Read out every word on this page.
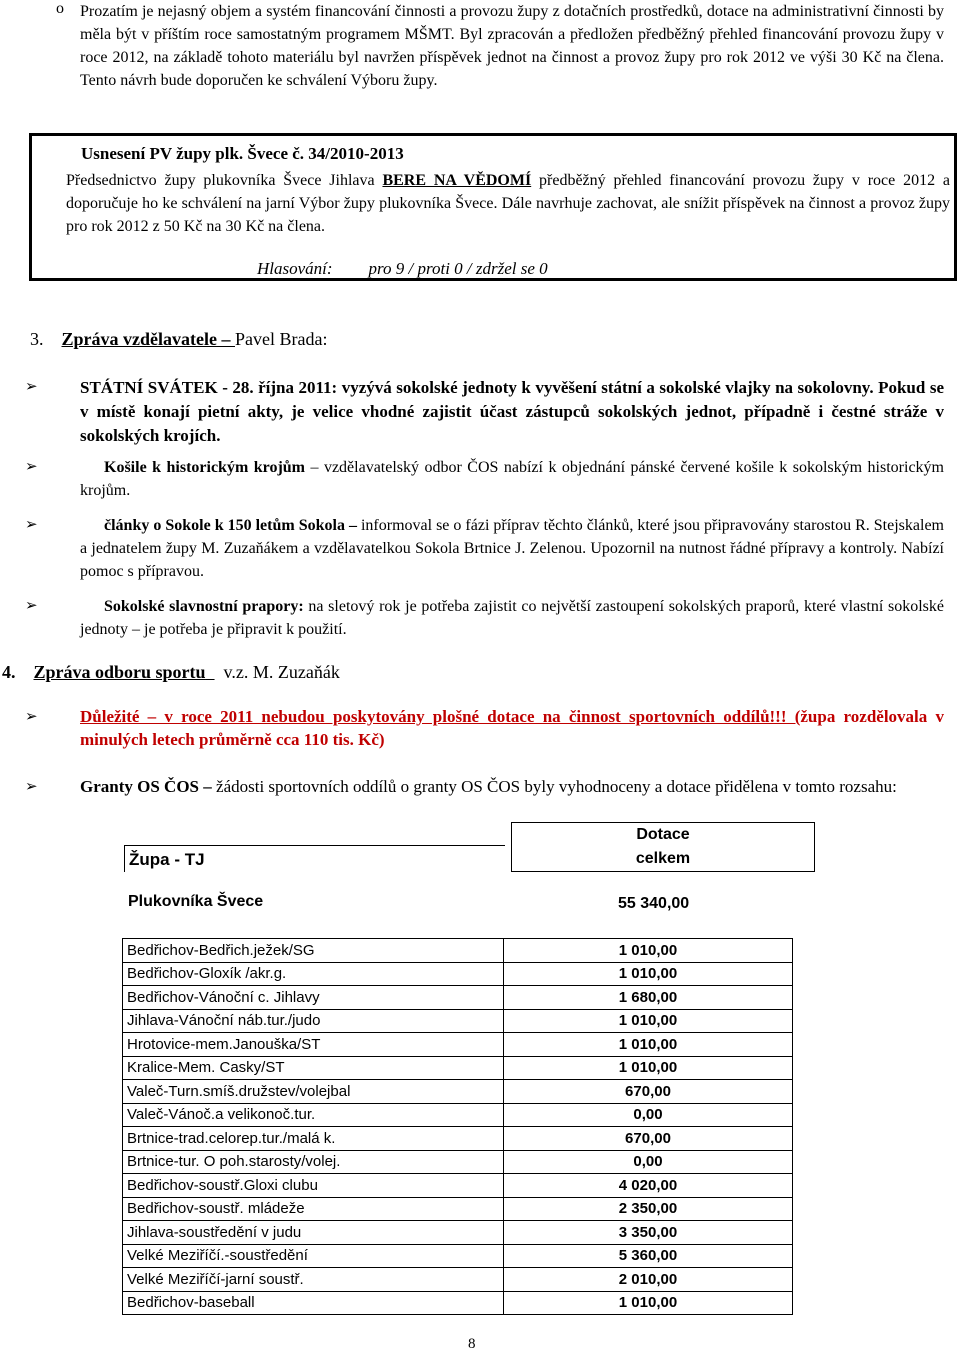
o Prozatím je nejasný objem a systém financování činnosti a provozu župy z dotačních prostředků, dotace na administrativní činnosti by měla být v příštím roce samostatným programem MŠMT. Byl zpracován a předložen předběžný přehled financování provozu župy v roce 2012, na základě tohoto materiálu byl navržen příspěvek jednot na činnost a provoz župy pro rok 2012 ve výši 30 Kč na člena. Tento návrh bude doporučen ke schválení Výboru župy.
Usnesení PV župy plk. Švece č. 34/2010-2013
Předsednictvo župy plukovníka Švece Jihlava BERE NA VĚDOMÍ předběžný přehled financování provozu župy v roce 2012 a doporučuje ho ke schválení na jarní Výbor župy plukovníka Švece. Dále navrhuje zachovat, ale snížit příspěvek na činnost a provoz župy pro rok 2012 z 50 Kč na 30 Kč na člena.
Hlasování: pro 9 / proti 0 / zdržel se 0
3. Zpráva vzdělavatele – Pavel Brada:
➢ STÁTNÍ SVÁTEK - 28. října 2011: vyzývá sokolské jednoty k vyvěšení státní a sokolské vlajky na sokolovny. Pokud se v místě konají pietní akty, je velice vhodné zajistit účast zástupců sokolských jednot, případně i čestné stráže v sokolských krojích.
➢	Košile k historickým krojům – vzdělavatelský odbor ČOS nabízí k objednání pánské červené košile k sokolským historickým krojům.
➢	články o Sokole k 150 letům Sokola – informoval se o fázi příprav těchto článků, které jsou připravovány starostou R. Stejskalem a jednatelem župy M. Zuzaňákem a vzdělavatelkou Sokola Brtnice J. Zelenou. Upozornil na nutnost řádné přípravy a kontroly. Nabízí pomoc s přípravou.
➢	Sokolské slavnostní prapory: na sletový rok je potřeba zajistit co největší zastoupení sokolských praporů, které vlastní sokolské jednoty – je potřeba je připravit k použití.
4. Zpráva odboru sportu v.z. M. Zuzaňák
➢ Důležité – v roce 2011 nebudou poskytovány plošné dotace na činnost sportovních oddílů!!! (župa rozdělovala v minulých letech průměrně cca 110 tis. Kč)
➢ Granty OS ČOS – žádosti sportovních oddílů o granty OS ČOS byly vyhodnoceny a dotace přidělena v tomto rozsahu:
Župa - TJ	
Dotace
celkem
Plukovníka Švece	55 340,00
Bedřichov-Bedřich.ježek/SG	1 010,00
Bedřichov-Gloxík /akr.g.	1 010,00
Bedřichov-Vánoční c. Jihlavy	1 680,00
Jihlava-Vánoční náb.tur./judo	1 010,00
Hrotovice-mem.Janouška/ST	1 010,00
Kralice-Mem. Casky/ST	1 010,00
Valeč-Turn.smíš.družstev/volejbal	670,00
Valeč-Vánoč.a velikonoč.tur.	0,00
Brtnice-trad.celorep.tur./malá k.	670,00
Brtnice-tur. O poh.starosty/volej.	0,00
Bedřichov-soustř.Gloxi clubu	4 020,00
Bedřichov-soustř. mládeže	2 350,00
Jihlava-soustředění v judu	3 350,00
Velké Meziříčí.-soustředění	5 360,00
Velké Meziříčí-jarní soustř.	2 010,00
Bedřichov-baseball	1 010,00
8
